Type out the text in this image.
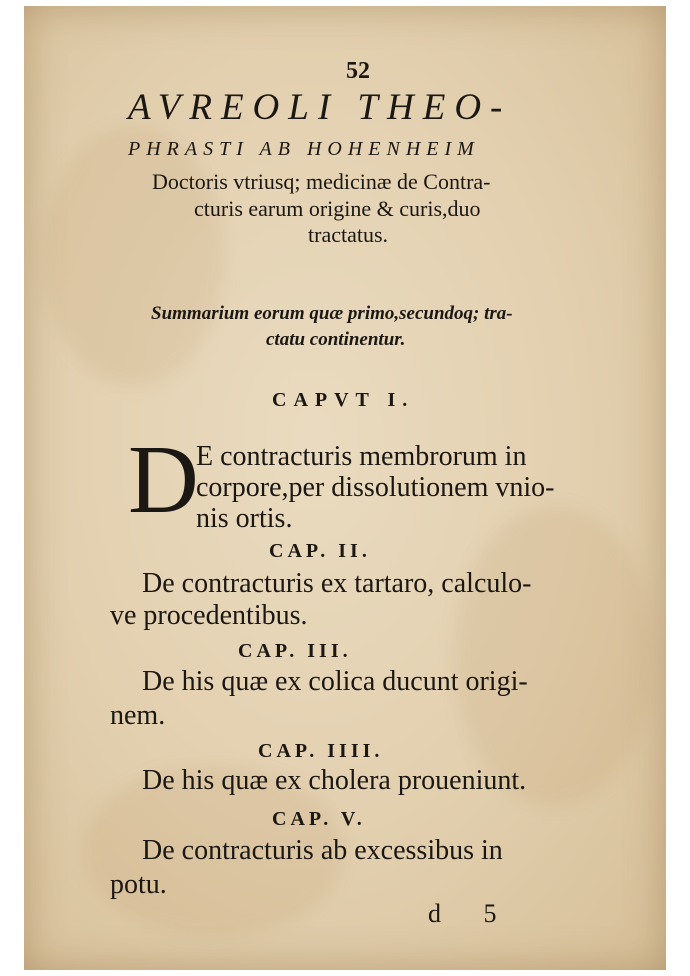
52
AVREOLI THEO-
PHRASTI AB HOHENHEIM
Doctoris vtriusq; medicinæ de Contra-
cturis earum origine & curis,duo
tractatus.
Summarium eorum quæ primo,secundoq; tra-
ctatu continentur.
CAPVT I.
D
E contracturis membrorum in
corpore,per dissolutionem vnio-
nis ortis.
CAP. II.
De contracturis ex tartaro, calculo-
ve procedentibus.
CAP. III.
De his quæ ex colica ducunt origi-
nem.
CAP. IIII.
De his quæ ex cholera proueniunt.
CAP. V.
De contracturis ab excessibus in
potu.
d 5
